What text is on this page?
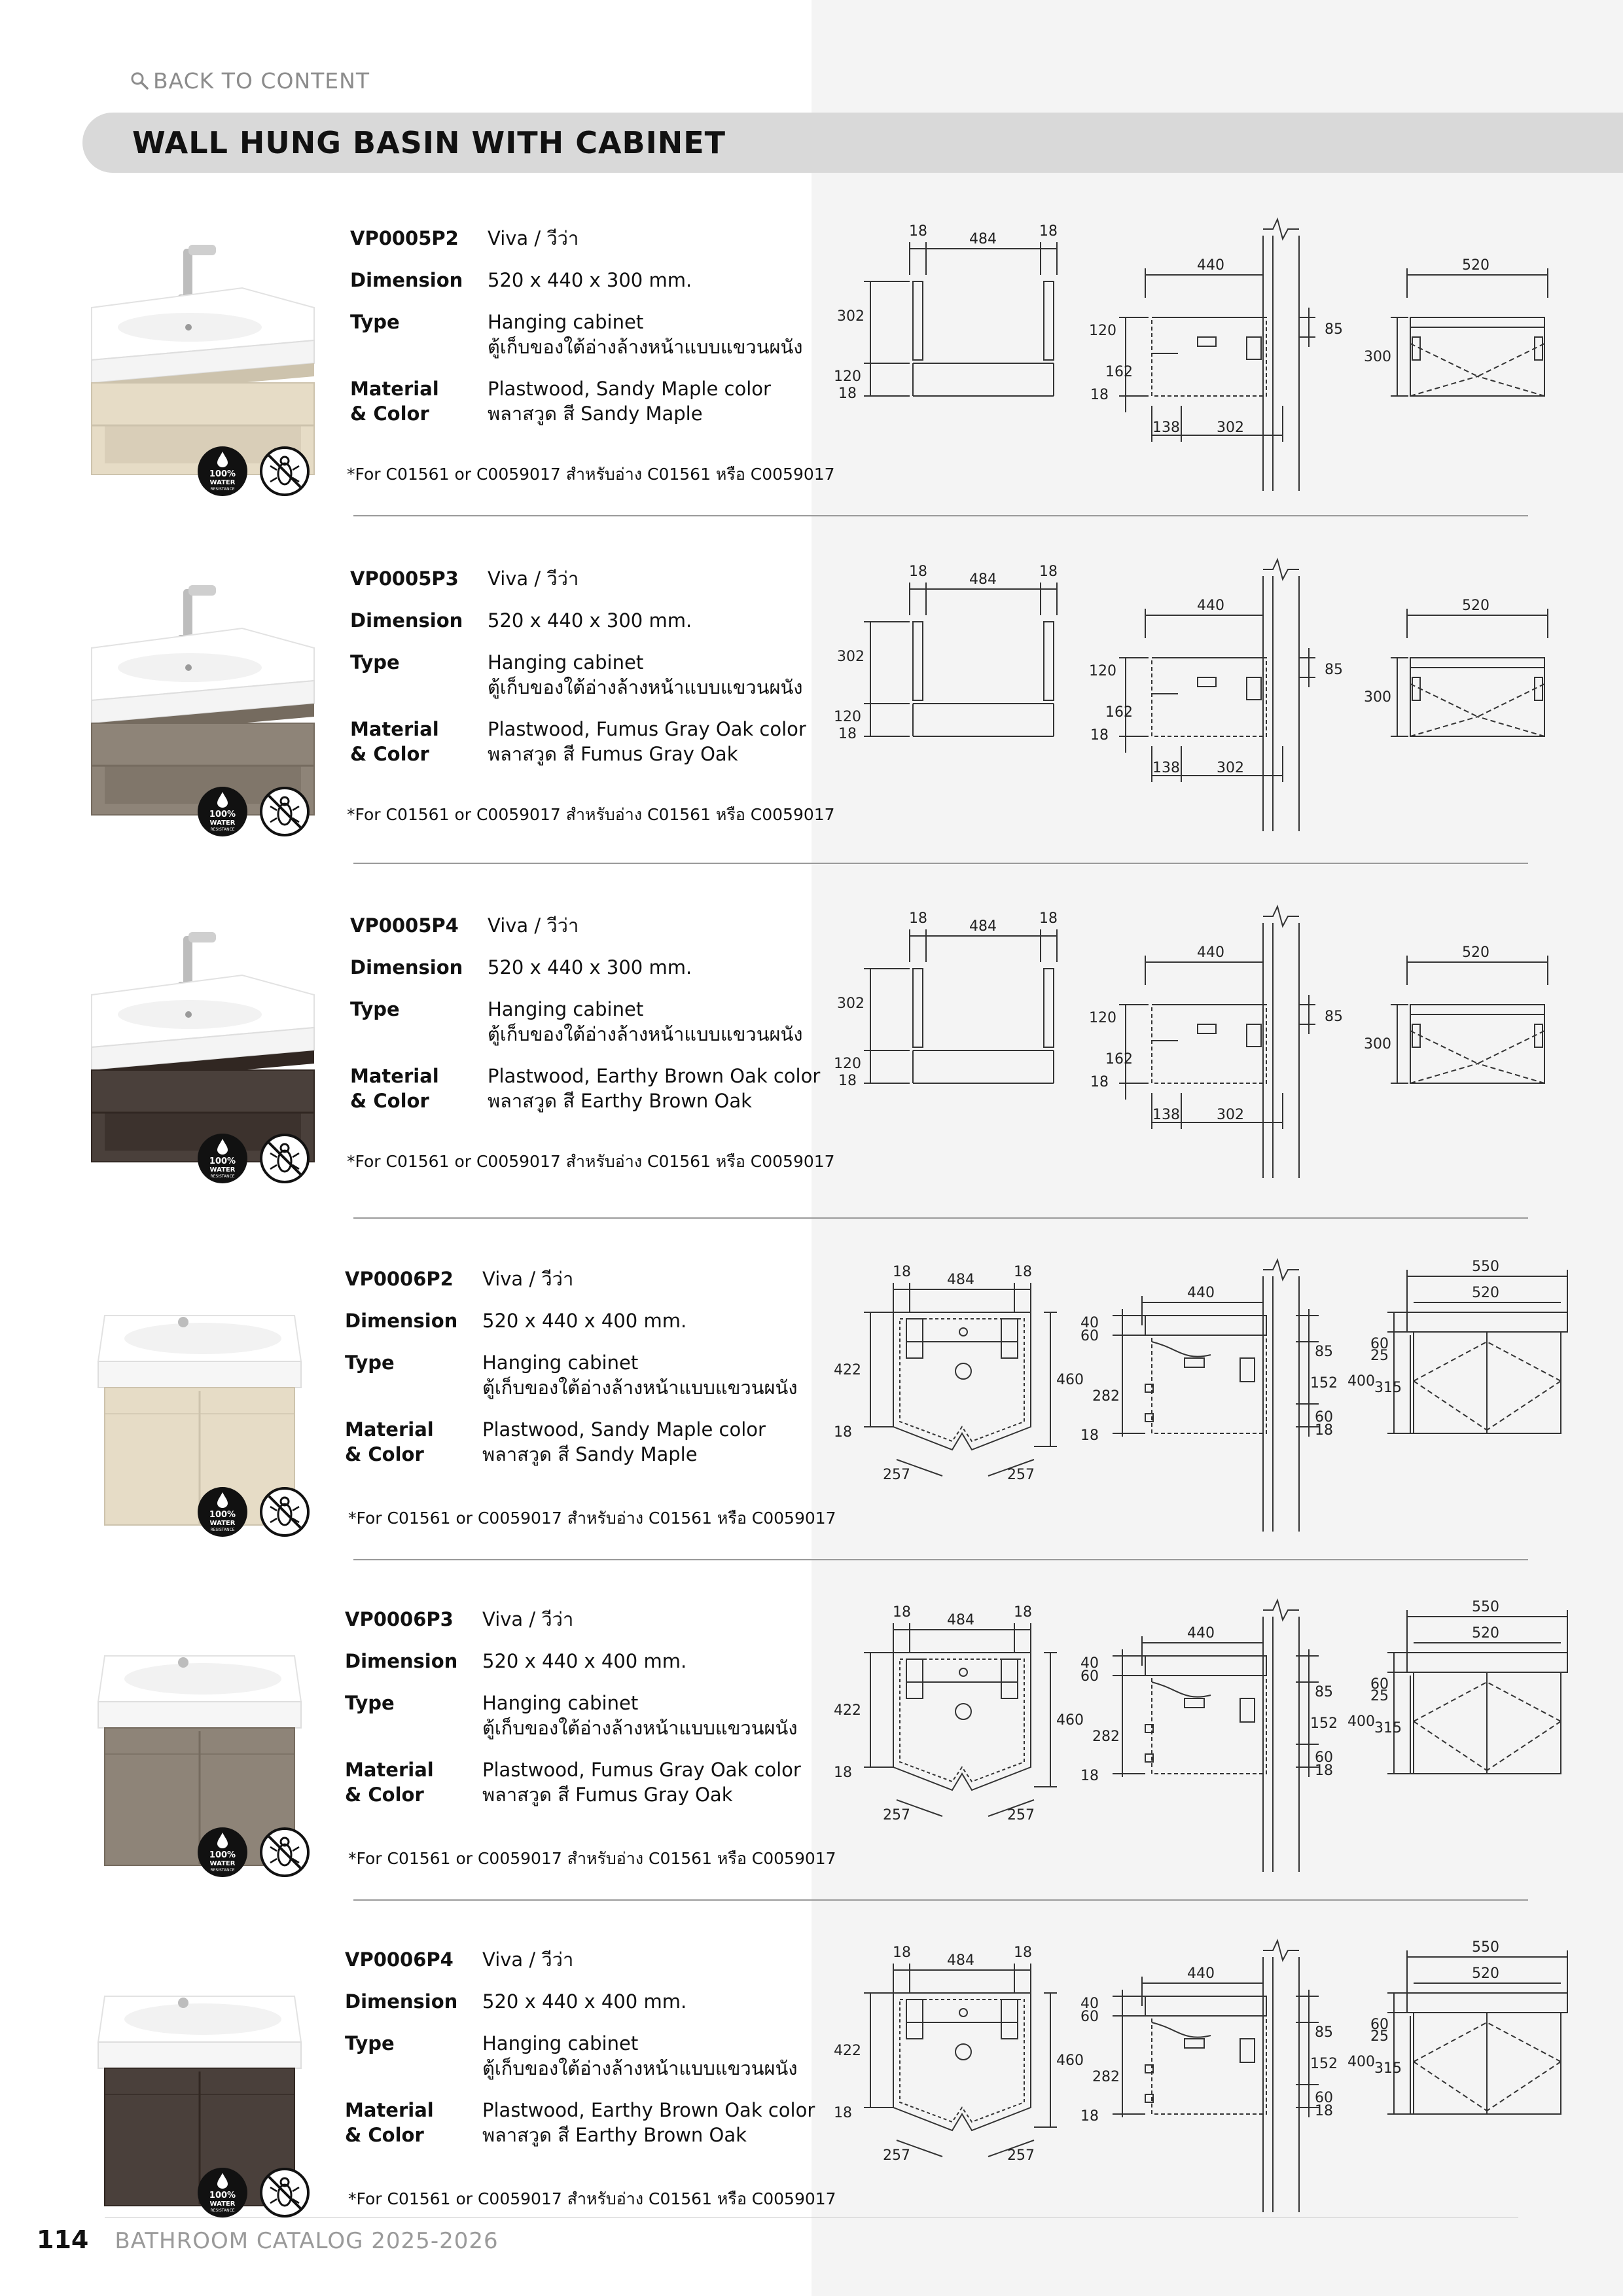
BACK TO CONTENT
WALL HUNG BASIN WITH CABINET
100%
WATER
RESISTANCE
VP0005P2	Viva / วีว่า
Dimension	520 x 440 x 300 mm.
Type	Hanging cabinet
ตู้เก็บของใต้อ่างล้างหน้าแบบแขวนผนัง
Material
& Color
Plastwood, Sandy Maple color
พลาสวูด สี Sandy Maple
*For C01561 or C0059017 สำหรับอ่าง C01561 หรือ C0059017
18	484	18
302
120
18
440
120
162
18
138	302
85
520
300
100%
WATER
RESISTANCE
VP0005P3	Viva / วีว่า
Dimension	520 x 440 x 300 mm.
Type	Hanging cabinet
ตู้เก็บของใต้อ่างล้างหน้าแบบแขวนผนัง
Material
& Color
Plastwood, Fumus Gray Oak color
พลาสวูด สี Fumus Gray Oak
*For C01561 or C0059017 สำหรับอ่าง C01561 หรือ C0059017
18	484	18
302
120
18
440
120
162
18
138	302
85
520
300
100%
WATER
RESISTANCE
VP0005P4	Viva / วีว่า
Dimension	520 x 440 x 300 mm.
Type	Hanging cabinet
ตู้เก็บของใต้อ่างล้างหน้าแบบแขวนผนัง
Material
& Color
Plastwood, Earthy Brown Oak color
พลาสวูด สี Earthy Brown Oak
*For C01561 or C0059017 สำหรับอ่าง C01561 หรือ C0059017
18	484	18
302
120
18
440
120
162
18
138	302
85
520
300
100%
WATER
RESISTANCE
VP0006P2	Viva / วีว่า
Dimension	520 x 440 x 400 mm.
Type	Hanging cabinet
ตู้เก็บของใต้อ่างล้างหน้าแบบแขวนผนัง
Material
& Color
Plastwood, Sandy Maple color
พลาสวูด สี Sandy Maple
*For C01561 or C0059017 สำหรับอ่าง C01561 หรือ C0059017
18	484	18
422
460
18
257	257
440
40
60
282
18
85
152
60
18
550
520
400
60
25
315
100%
WATER
RESISTANCE
VP0006P3	Viva / วีว่า
Dimension	520 x 440 x 400 mm.
Type	Hanging cabinet
ตู้เก็บของใต้อ่างล้างหน้าแบบแขวนผนัง
Material
& Color
Plastwood, Fumus Gray Oak color
พลาสวูด สี Fumus Gray Oak
*For C01561 or C0059017 สำหรับอ่าง C01561 หรือ C0059017
18	484	18
422
460
18
257	257
440
40
60
282
18
85
152
60
18
550
520
400
60
25
315
100%
WATER
RESISTANCE
VP0006P4	Viva / วีว่า
Dimension	520 x 440 x 400 mm.
Type	Hanging cabinet
ตู้เก็บของใต้อ่างล้างหน้าแบบแขวนผนัง
Material
& Color
Plastwood, Earthy Brown Oak color
พลาสวูด สี Earthy Brown Oak
*For C01561 or C0059017 สำหรับอ่าง C01561 หรือ C0059017
18	484	18
422
460
18
257	257
440
40
60
282
18
85
152
60
18
550
520
400
60
25
315
114 BATHROOM CATALOG 2025-2026
